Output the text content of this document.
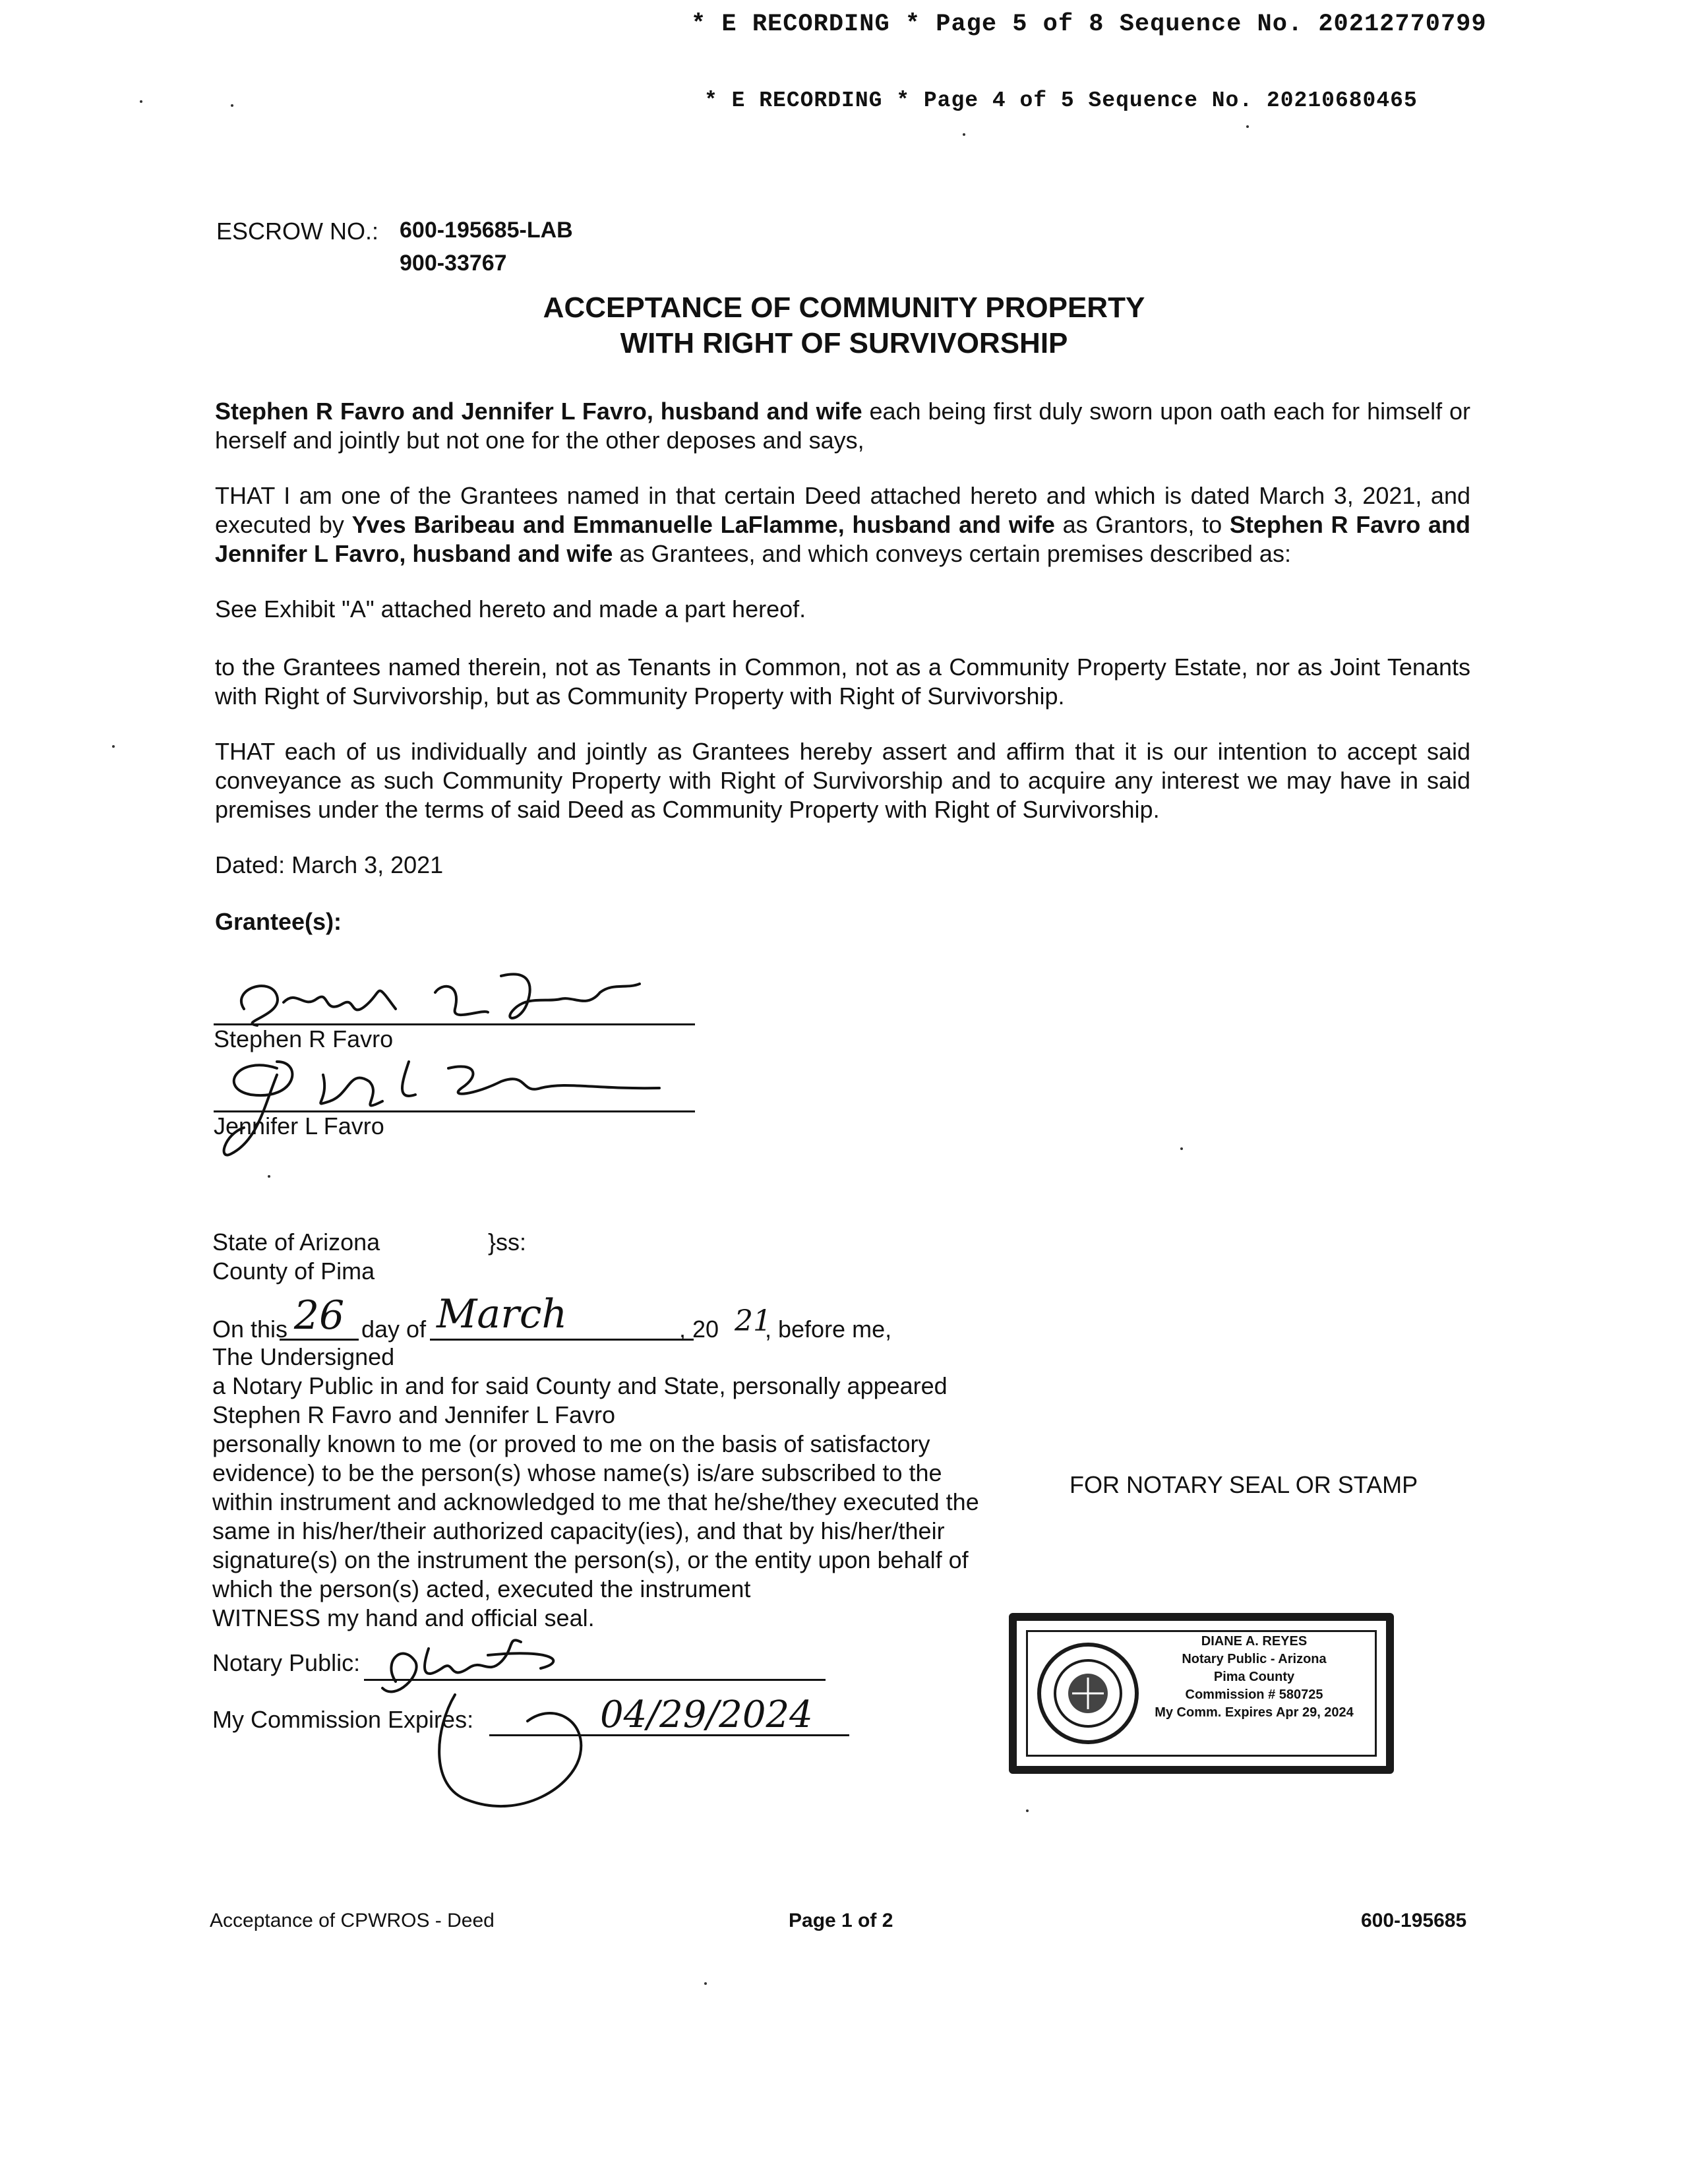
* E RECORDING * Page 5 of 8 Sequence No. 20212770799
* E RECORDING * Page 4 of 5 Sequence No. 20210680465
ESCROW NO.: 600-195685-LAB
900-33767
ACCEPTANCE OF COMMUNITY PROPERTY
WITH RIGHT OF SURVIVORSHIP

Stephen R Favro and Jennifer L Favro, husband and wife each being first duly sworn upon oath each for himself or herself and jointly but not one for the other deposes and says,

THAT I am one of the Grantees named in that certain Deed attached hereto and which is dated March 3, 2021, and executed by Yves Baribeau and Emmanuelle LaFlamme, husband and wife as Grantors, to Stephen R Favro and Jennifer L Favro, husband and wife as Grantees, and which conveys certain premises described as:

See Exhibit "A" attached hereto and made a part hereof.
to the Grantees named therein, not as Tenants in Common, not as a Community Property Estate, nor as Joint Tenants with Right of Survivorship, but as Community Property with Right of Survivorship.
THAT each of us individually and jointly as Grantees hereby assert and affirm that it is our intention to accept said conveyance as such Community Property with Right of Survivorship and to acquire any interest we may have in said premises under the terms of said Deed as Community Property with Right of Survivorship.
Dated: March 3, 2021
Grantee(s):
Stephen R Favro
Jennifer L Favro
State of Arizona	}ss:
County of Pima
On this 26 day of March	, 20 21
, before me,
The Undersigned
a Notary Public in and for said County and State, personally appeared
Stephen R Favro and Jennifer L Favro
personally known to me (or proved to me on the basis of satisfactory
evidence) to be the person(s) whose name(s) is/are subscribed to the
within instrument and acknowledged to me that he/she/they executed the
same in his/her/their authorized capacity(ies), and that by his/her/their
signature(s) on the instrument the person(s), or the entity upon behalf of
which the person(s) acted, executed the instrument
WITNESS my hand and official seal.
FOR NOTARY SEAL OR STAMP
Notary Public:
My Commission Expires:	04/29/2024
DIANE A. REYES
Notary Public - Arizona
Pima County
Commission # 580725
My Comm. Expires Apr 29, 2024
Acceptance of CPWROS - Deed	Page 1 of 2	600-195685
